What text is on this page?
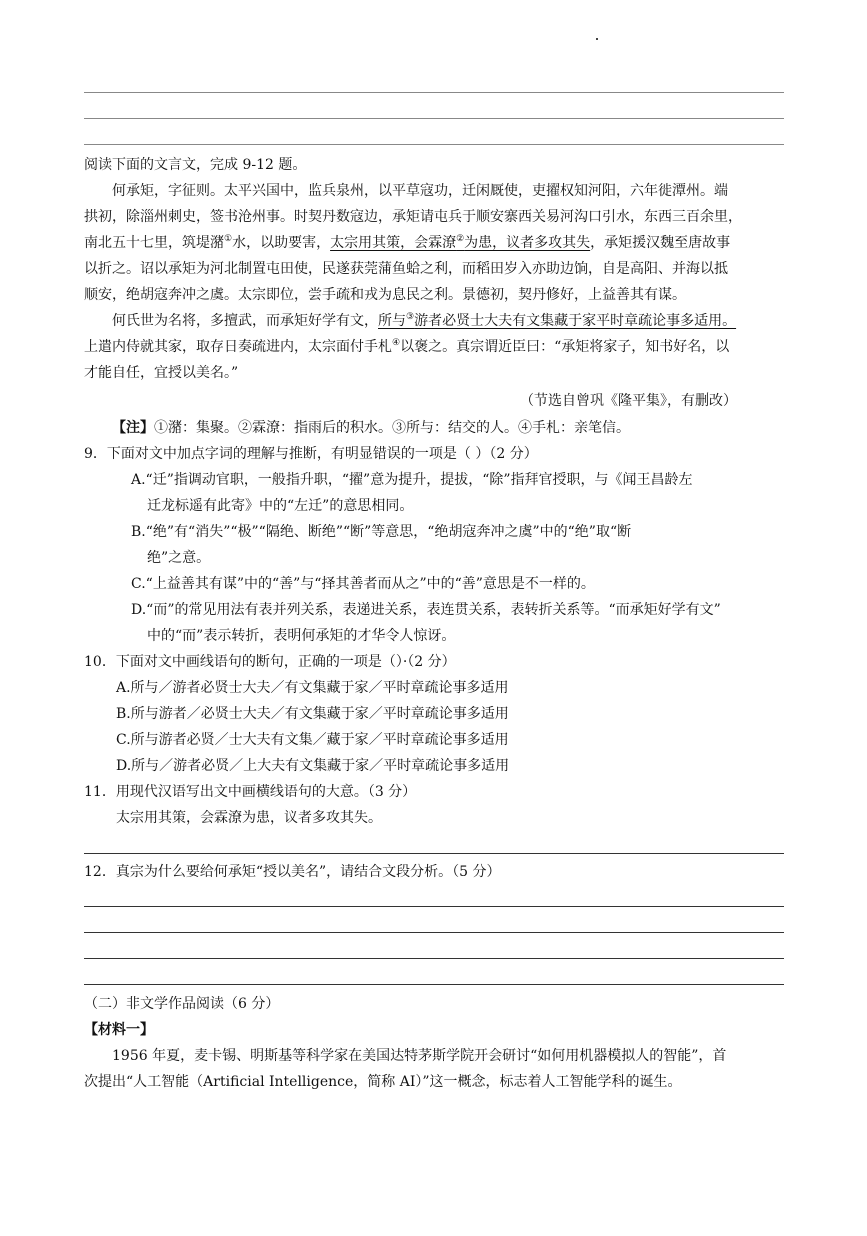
阅读下面的文言文，完成 9-12 题。
何承矩，字征则。太平兴国中，监兵泉州，以平草寇功，迁闲厩使，吏擢权知河阳，六年徙潭州。端
拱初，除淄州刺史，签书沧州事。时契丹数寇边，承矩请屯兵于顺安寨西关易河沟口引水，东西三百余里，
南北五十七里，筑堤潴①水，以助要害，太宗用其策，会霖潦②为患，议者多攻其失，承矩援汉魏至唐故事
以折之。诏以承矩为河北制置屯田使，民遂获莞蒲鱼蛤之利，而稻田岁入亦助边饷，自是高阳、并海以抵
顺安，绝胡寇奔冲之虞。太宗即位，尝手疏和戎为息民之利。景德初，契丹修好，上益善其有谋。
何氏世为名将，多擅武，而承矩好学有文，所与③游者必贤士大夫有文集藏于家平时章疏论事多适用。
上遣内侍就其家，取存日奏疏进内，太宗面付手札④以褒之。真宗谓近臣曰：“承矩将家子，知书好名，以
才能自任，宜授以美名。”
（节选自曾巩《隆平集》，有删改）
【注】①潴：集聚。②霖潦：指雨后的积水。③所与：结交的人。④手札：亲笔信。
9．下面对文中加点字词的理解与推断，有明显错误的一项是（ ）（2 分）
A.“迁”指调动官职，一般指升职，“擢”意为提升，提拔，“除”指拜官授职，与《闻王昌龄左
迁龙标遥有此寄》中的“左迁”的意思相同。
B.“绝”有“消失”“极”“隔绝、断绝”“断”等意思，“绝胡寇奔冲之虞”中的“绝”取“断
绝”之意。
C.“上益善其有谋”中的“善”与“择其善者而从之”中的“善”意思是不一样的。
D.“而”的常见用法有表并列关系，表递进关系，表连贯关系，表转折关系等。“而承矩好学有文”
中的“而”表示转折，表明何承矩的才华令人惊讶。
10．下面对文中画线语句的断句，正确的一项是（）·（2 分）
A.所与／游者必贤士大夫／有文集藏于家／平时章疏论事多适用
B.所与游者／必贤士大夫／有文集藏于家／平时章疏论事多适用
C.所与游者必贤／士大夫有文集／藏于家／平时章疏论事多适用
D.所与／游者必贤／上大夫有文集藏于家／平时章疏论事多适用
11．用现代汉语写出文中画横线语句的大意。（3 分）
太宗用其策，会霖潦为患，议者多攻其失。
12．真宗为什么要给何承矩“授以美名”，请结合文段分析。（5 分）
（二）非文学作品阅读（6 分）
【材料一】
1956 年夏，麦卡锡、明斯基等科学家在美国达特茅斯学院开会研讨“如何用机器模拟人的智能”，首
次提出“人工智能（Artificial Intelligence，简称 AI）”这一概念，标志着人工智能学科的诞生。
